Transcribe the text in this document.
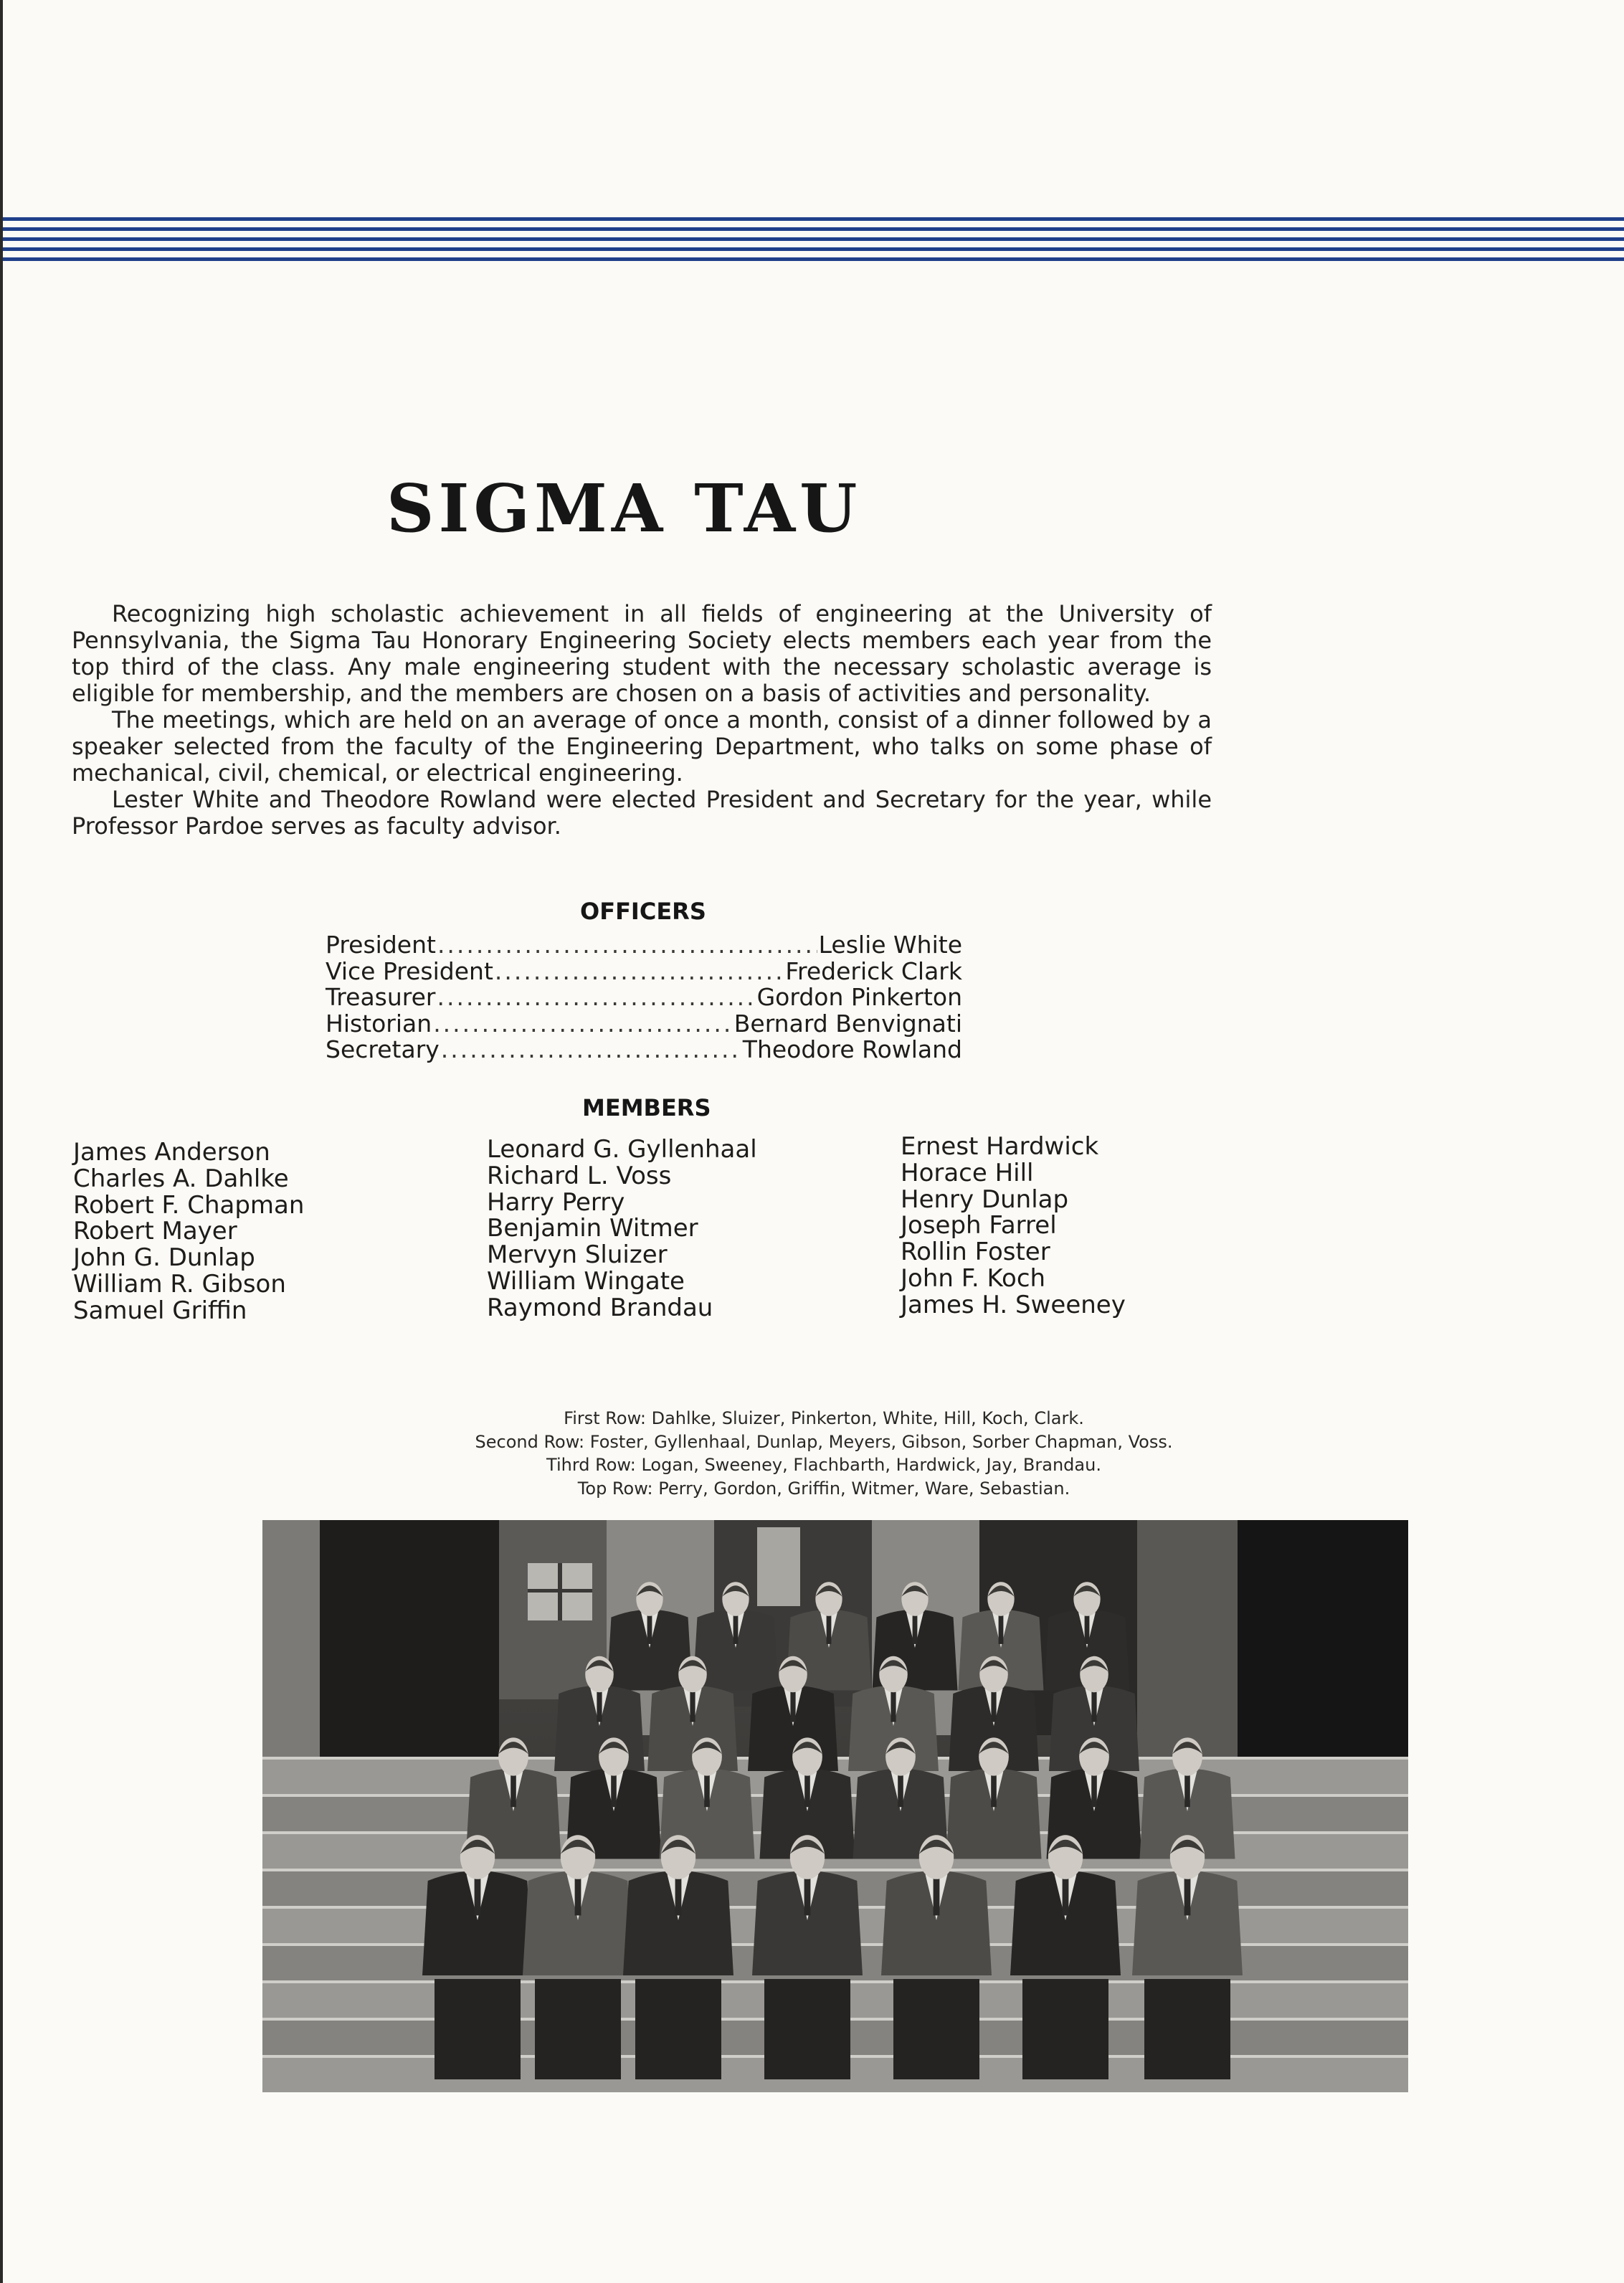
SIGMA TAU

Recognizing high scholastic achievement in all fields of engineering at the University of Pennsylvania, the Sigma Tau Honorary Engineering Society elects members each year from the top third of the class. Any male engineering student with the necessary scholastic average is eligible for membership, and the members are chosen on a basis of activities and personality.

The meetings, which are held on an average of once a month, consist of a dinner followed by a speaker selected from the faculty of the Engineering Department, who talks on some phase of mechanical, civil, chemical, or electrical engineering.

Lester White and Theodore Rowland were elected President and Secretary for the year, while Professor Pardoe serves as faculty advisor.

OFFICERS
President .....	Leslie White
Vice President .....	Frederick Clark
Treasurer .....	Gordon Pinkerton
Historian .....	Bernard Benvignati
Secretary .....	Theodore Rowland
MEMBERS
James Anderson
Charles A. Dahlke
Robert F. Chapman
Robert Mayer
John G. Dunlap
William R. Gibson
Samuel Griffin
Leonard G. Gyllenhaal
Richard L. Voss
Harry Perry
Benjamin Witmer
Mervyn Sluizer
William Wingate
Raymond Brandau
Ernest Hardwick
Horace Hill
Henry Dunlap
Joseph Farrel
Rollin Foster
John F. Koch
James H. Sweeney
First Row: Dahlke, Sluizer, Pinkerton, White, Hill, Koch, Clark.
Second Row: Foster, Gyllenhaal, Dunlap, Meyers, Gibson, Sorber Chapman, Voss.
Tihrd Row: Logan, Sweeney, Flachbarth, Hardwick, Jay, Brandau.
Top Row: Perry, Gordon, Griffin, Witmer, Ware, Sebastian.
